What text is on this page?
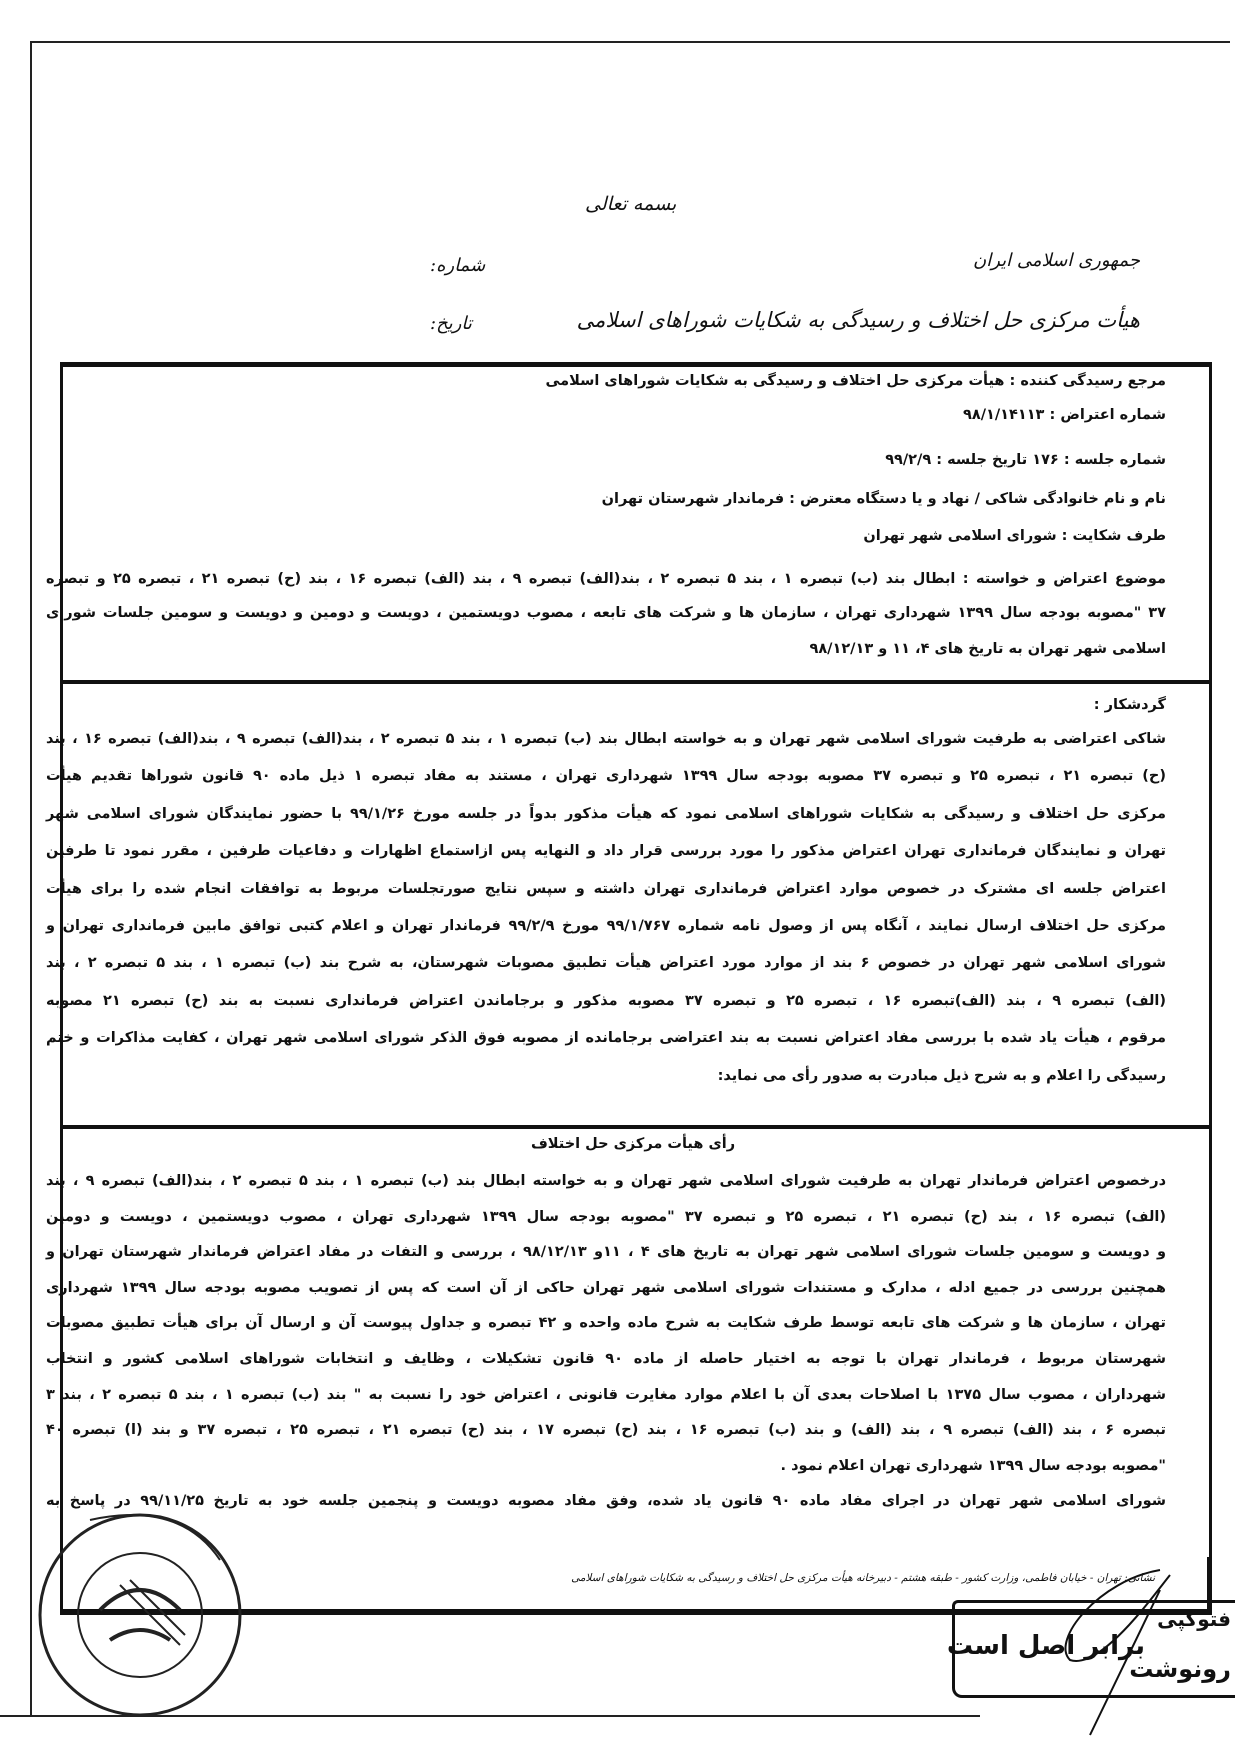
بسمه تعالی
جمهوری اسلامی ایران
هیأت مرکزی حل اختلاف و رسیدگی به شکایات شوراهای اسلامی
شماره:
تاریخ:
گردشکار :
رأی هیأت مرکزی حل اختلاف
مرجع رسیدگی کننده : هیأت مرکزی حل اختلاف و رسیدگی به شکایات شوراهای اسلامی
شماره اعتراض : ۹۸/۱/۱۴۱۱۳
شماره جلسه : ۱۷۶ تاریخ جلسه : ۹۹/۲/۹
نام و نام خانوادگی شاکی / نهاد و یا دستگاه معترض : فرماندار شهرستان تهران
طرف شکایت : شورای اسلامی شهر تهران
موضوع اعتراض و خواسته : ابطال بند (ب) تبصره ۱ ، بند ۵ تبصره ۲ ، بند(الف) تبصره ۹ ، بند (الف) تبصره ۱۶ ، بند (ح) تبصره ۲۱ ، تبصره ۲۵ و تبصره
۳۷ "مصوبه بودجه سال ۱۳۹۹ شهرداری تهران ، سازمان ها و شرکت های تابعه ، مصوب دویستمین ، دویست و دومین و دویست و سومین جلسات شورای
اسلامی شهر تهران به تاریخ های ۴، ۱۱ و ۹۸/۱۲/۱۳
شاکی اعتراضی به طرفیت شورای اسلامی شهر تهران و به خواسته ابطال بند (ب) تبصره ۱ ، بند ۵ تبصره ۲ ، بند(الف) تبصره ۹ ، بند(الف) تبصره ۱۶ ، بند
(ح) تبصره ۲۱ ، تبصره ۲۵ و تبصره ۳۷ مصوبه بودجه سال ۱۳۹۹ شهرداری تهران ، مستند به مفاد تبصره ۱ ذیل ماده ۹۰ قانون شوراها تقدیم هیأت
مرکزی حل اختلاف و رسیدگی به شکایات شوراهای اسلامی نمود که هیأت مذکور بدواً در جلسه مورخ ۹۹/۱/۲۶ با حضور نمایندگان شورای اسلامی شهر
تهران و نمایندگان فرمانداری تهران اعتراض مذکور را مورد بررسی قرار داد و النهایه پس ازاستماع اظهارات و دفاعیات طرفین ، مقرر نمود تا طرفین
اعتراض جلسه ای مشترک در خصوص موارد اعتراض فرمانداری تهران داشته و سپس نتایج صورتجلسات مربوط به توافقات انجام شده را برای هیأت
مرکزی حل اختلاف ارسال نمایند ، آنگاه پس از وصول نامه شماره ۹۹/۱/۷۶۷ مورخ ۹۹/۲/۹ فرماندار تهران و اعلام کتبی توافق مابین فرمانداری تهران و
شورای اسلامی شهر تهران در خصوص ۶ بند از موارد مورد اعتراض هیأت تطبیق مصوبات شهرستان، به شرح بند (ب) تبصره ۱ ، بند ۵ تبصره ۲ ، بند
(الف) تبصره ۹ ، بند (الف)تبصره ۱۶ ، تبصره ۲۵ و تبصره ۳۷ مصوبه مذکور و برجاماندن اعتراض فرمانداری نسبت به بند (ح) تبصره ۲۱ مصوبه
مرقوم ، هیأت یاد شده با بررسی مفاد اعتراض نسبت به بند اعتراضی برجامانده از مصوبه فوق الذکر شورای اسلامی شهر تهران ، کفایت مذاکرات و ختم
رسیدگی را اعلام و به شرح ذیل مبادرت به صدور رأی می نماید:
درخصوص اعتراض فرماندار تهران به طرفیت شورای اسلامی شهر تهران و به خواسته ابطال بند (ب) تبصره ۱ ، بند ۵ تبصره ۲ ، بند(الف) تبصره ۹ ، بند
(الف) تبصره ۱۶ ، بند (ح) تبصره ۲۱ ، تبصره ۲۵ و تبصره ۳۷ "مصوبه بودجه سال ۱۳۹۹ شهرداری تهران ، مصوب دویستمین ، دویست و دومین
و دویست و سومین جلسات شورای اسلامی شهر تهران به تاریخ های ۴ ، ۱۱و ۹۸/۱۲/۱۳ ، بررسی و التفات در مفاد اعتراض فرماندار شهرستان تهران و
همچنین بررسی در جمیع ادله ، مدارک و مستندات شورای اسلامی شهر تهران حاکی از آن است که پس از تصویب مصوبه بودجه سال ۱۳۹۹ شهرداری
تهران ، سازمان ها و شرکت های تابعه توسط طرف شکایت به شرح ماده واحده و ۴۲ تبصره و جداول پیوست آن و ارسال آن برای هیأت تطبیق مصوبات
شهرستان مربوط ، فرماندار تهران با توجه به اختیار حاصله از ماده ۹۰ قانون تشکیلات ، وظایف و انتخابات شوراهای اسلامی کشور و انتخاب
شهرداران ، مصوب سال ۱۳۷۵ با اصلاحات بعدی آن با اعلام موارد مغایرت قانونی ، اعتراض خود را نسبت به " بند (ب) تبصره ۱ ، بند ۵ تبصره ۲ ، بند ۳
تبصره ۶ ، بند (الف) تبصره ۹ ، بند (الف) و بند (ب) تبصره ۱۶ ، بند (ح) تبصره ۱۷ ، بند (ح) تبصره ۲۱ ، تبصره ۲۵ ، تبصره ۳۷ و بند (ا) تبصره ۴۰
"مصوبه بودجه سال ۱۳۹۹ شهرداری تهران اعلام نمود .
شورای اسلامی شهر تهران در اجرای مفاد ماده ۹۰ قانون یاد شده، وفق مفاد مصوبه دویست و پنجمین جلسه خود به تاریخ ۹۹/۱۱/۲۵ در پاسخ به
نشانی: تهران - خیابان فاطمی، وزارت کشور - طبقه هشتم - دبیرخانه هیأت مرکزی حل اختلاف و رسیدگی به شکایات شوراهای اسلامی
فتوکپی
رونوشت
برابر اصل است
